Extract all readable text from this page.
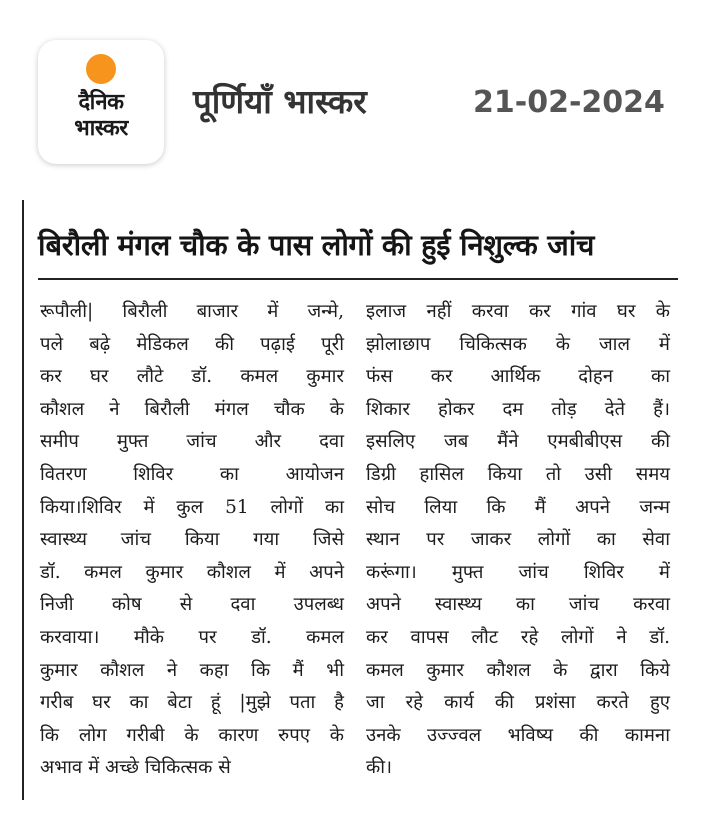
दैनिक
भास्कर
पूर्णियाँ भास्कर	21-02-2024
बिरौली मंगल चौक के पास लोगों की हुई निशुल्क जांच
रूपौली| बिरौली बाजार में जन्मे,
पले बढ़े मेडिकल की पढ़ाई पूरी
कर घर लौटे डॉ. कमल कुमार
कौशल ने बिरौली मंगल चौक के
समीप मुफ्त जांच और दवा
वितरण शिविर का आयोजन
किया।शिविर में कुल 51 लोगों का
स्वास्थ्य जांच किया गया जिसे
डॉ. कमल कुमार कौशल में अपने
निजी कोष से दवा उपलब्ध
करवाया। मौके पर डॉ. कमल
कुमार कौशल ने कहा कि मैं भी
गरीब घर का बेटा हूं |मुझे पता है
कि लोग गरीबी के कारण रुपए के
अभाव में अच्छे चिकित्सक से
इलाज नहीं करवा कर गांव घर के
झोलाछाप चिकित्सक के जाल में
फंस कर आर्थिक दोहन का
शिकार होकर दम तोड़ देते हैं।
इसलिए जब मैंने एमबीबीएस की
डिग्री हासिल किया तो उसी समय
सोच लिया कि मैं अपने जन्म
स्थान पर जाकर लोगों का सेवा
करूंगा। मुफ्त जांच शिविर में
अपने स्वास्थ्य का जांच करवा
कर वापस लौट रहे लोगों ने डॉ.
कमल कुमार कौशल के द्वारा किये
जा रहे कार्य की प्रशंसा करते हुए
उनके उज्ज्वल भविष्य की कामना
की।
